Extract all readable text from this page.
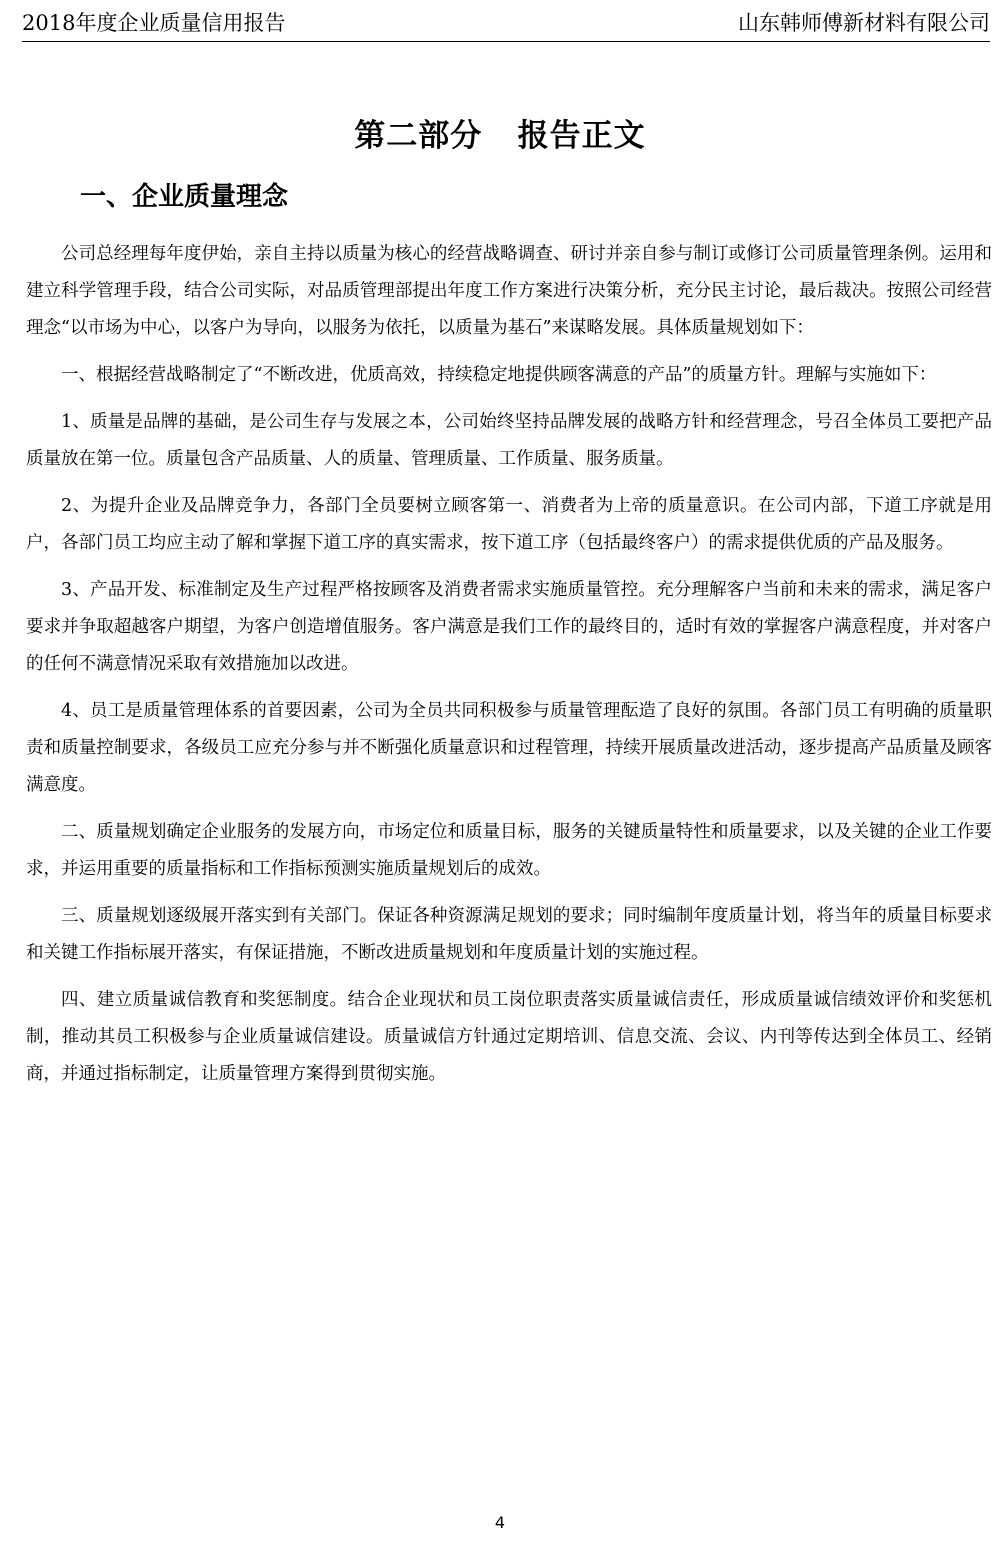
2018年度企业质量信用报告	山东韩师傅新材料有限公司
第二部分   报告正文
一、企业质量理念

公司总经理每年度伊始，亲自主持以质量为核心的经营战略调查、研讨并亲自参与制订或修订公司质量管理条例。运用和建立科学管理手段，结合公司实际，对品质管理部提出年度工作方案进行决策分析，充分民主讨论，最后裁决。按照公司经营理念“以市场为中心，以客户为导向，以服务为依托，以质量为基石”来谋略发展。具体质量规划如下：

一、根据经营战略制定了“不断改进，优质高效，持续稳定地提供顾客满意的产品”的质量方针。理解与实施如下：

1、质量是品牌的基础，是公司生存与发展之本，公司始终坚持品牌发展的战略方针和经营理念，号召全体员工要把产品质量放在第一位。质量包含产品质量、人的质量、管理质量、工作质量、服务质量。

2、为提升企业及品牌竞争力，各部门全员要树立顾客第一、消费者为上帝的质量意识。在公司内部，下道工序就是用户，各部门员工均应主动了解和掌握下道工序的真实需求，按下道工序（包括最终客户）的需求提供优质的产品及服务。

3、产品开发、标准制定及生产过程严格按顾客及消费者需求实施质量管控。充分理解客户当前和未来的需求，满足客户要求并争取超越客户期望，为客户创造增值服务。客户满意是我们工作的最终目的，适时有效的掌握客户满意程度，并对客户的任何不满意情况采取有效措施加以改进。

4、员工是质量管理体系的首要因素，公司为全员共同积极参与质量管理酝造了良好的氛围。各部门员工有明确的质量职责和质量控制要求，各级员工应充分参与并不断强化质量意识和过程管理，持续开展质量改进活动，逐步提高产品质量及顾客满意度。

二、质量规划确定企业服务的发展方向，市场定位和质量目标，服务的关键质量特性和质量要求，以及关键的企业工作要求，并运用重要的质量指标和工作指标预测实施质量规划后的成效。

三、质量规划逐级展开落实到有关部门。保证各种资源满足规划的要求；同时编制年度质量计划，将当年的质量目标要求和关键工作指标展开落实，有保证措施，不断改进质量规划和年度质量计划的实施过程。

四、建立质量诚信教育和奖惩制度。结合企业现状和员工岗位职责落实质量诚信责任，形成质量诚信绩效评价和奖惩机制，推动其员工积极参与企业质量诚信建设。质量诚信方针通过定期培训、信息交流、会议、内刊等传达到全体员工、经销商，并通过指标制定，让质量管理方案得到贯彻实施。

4
